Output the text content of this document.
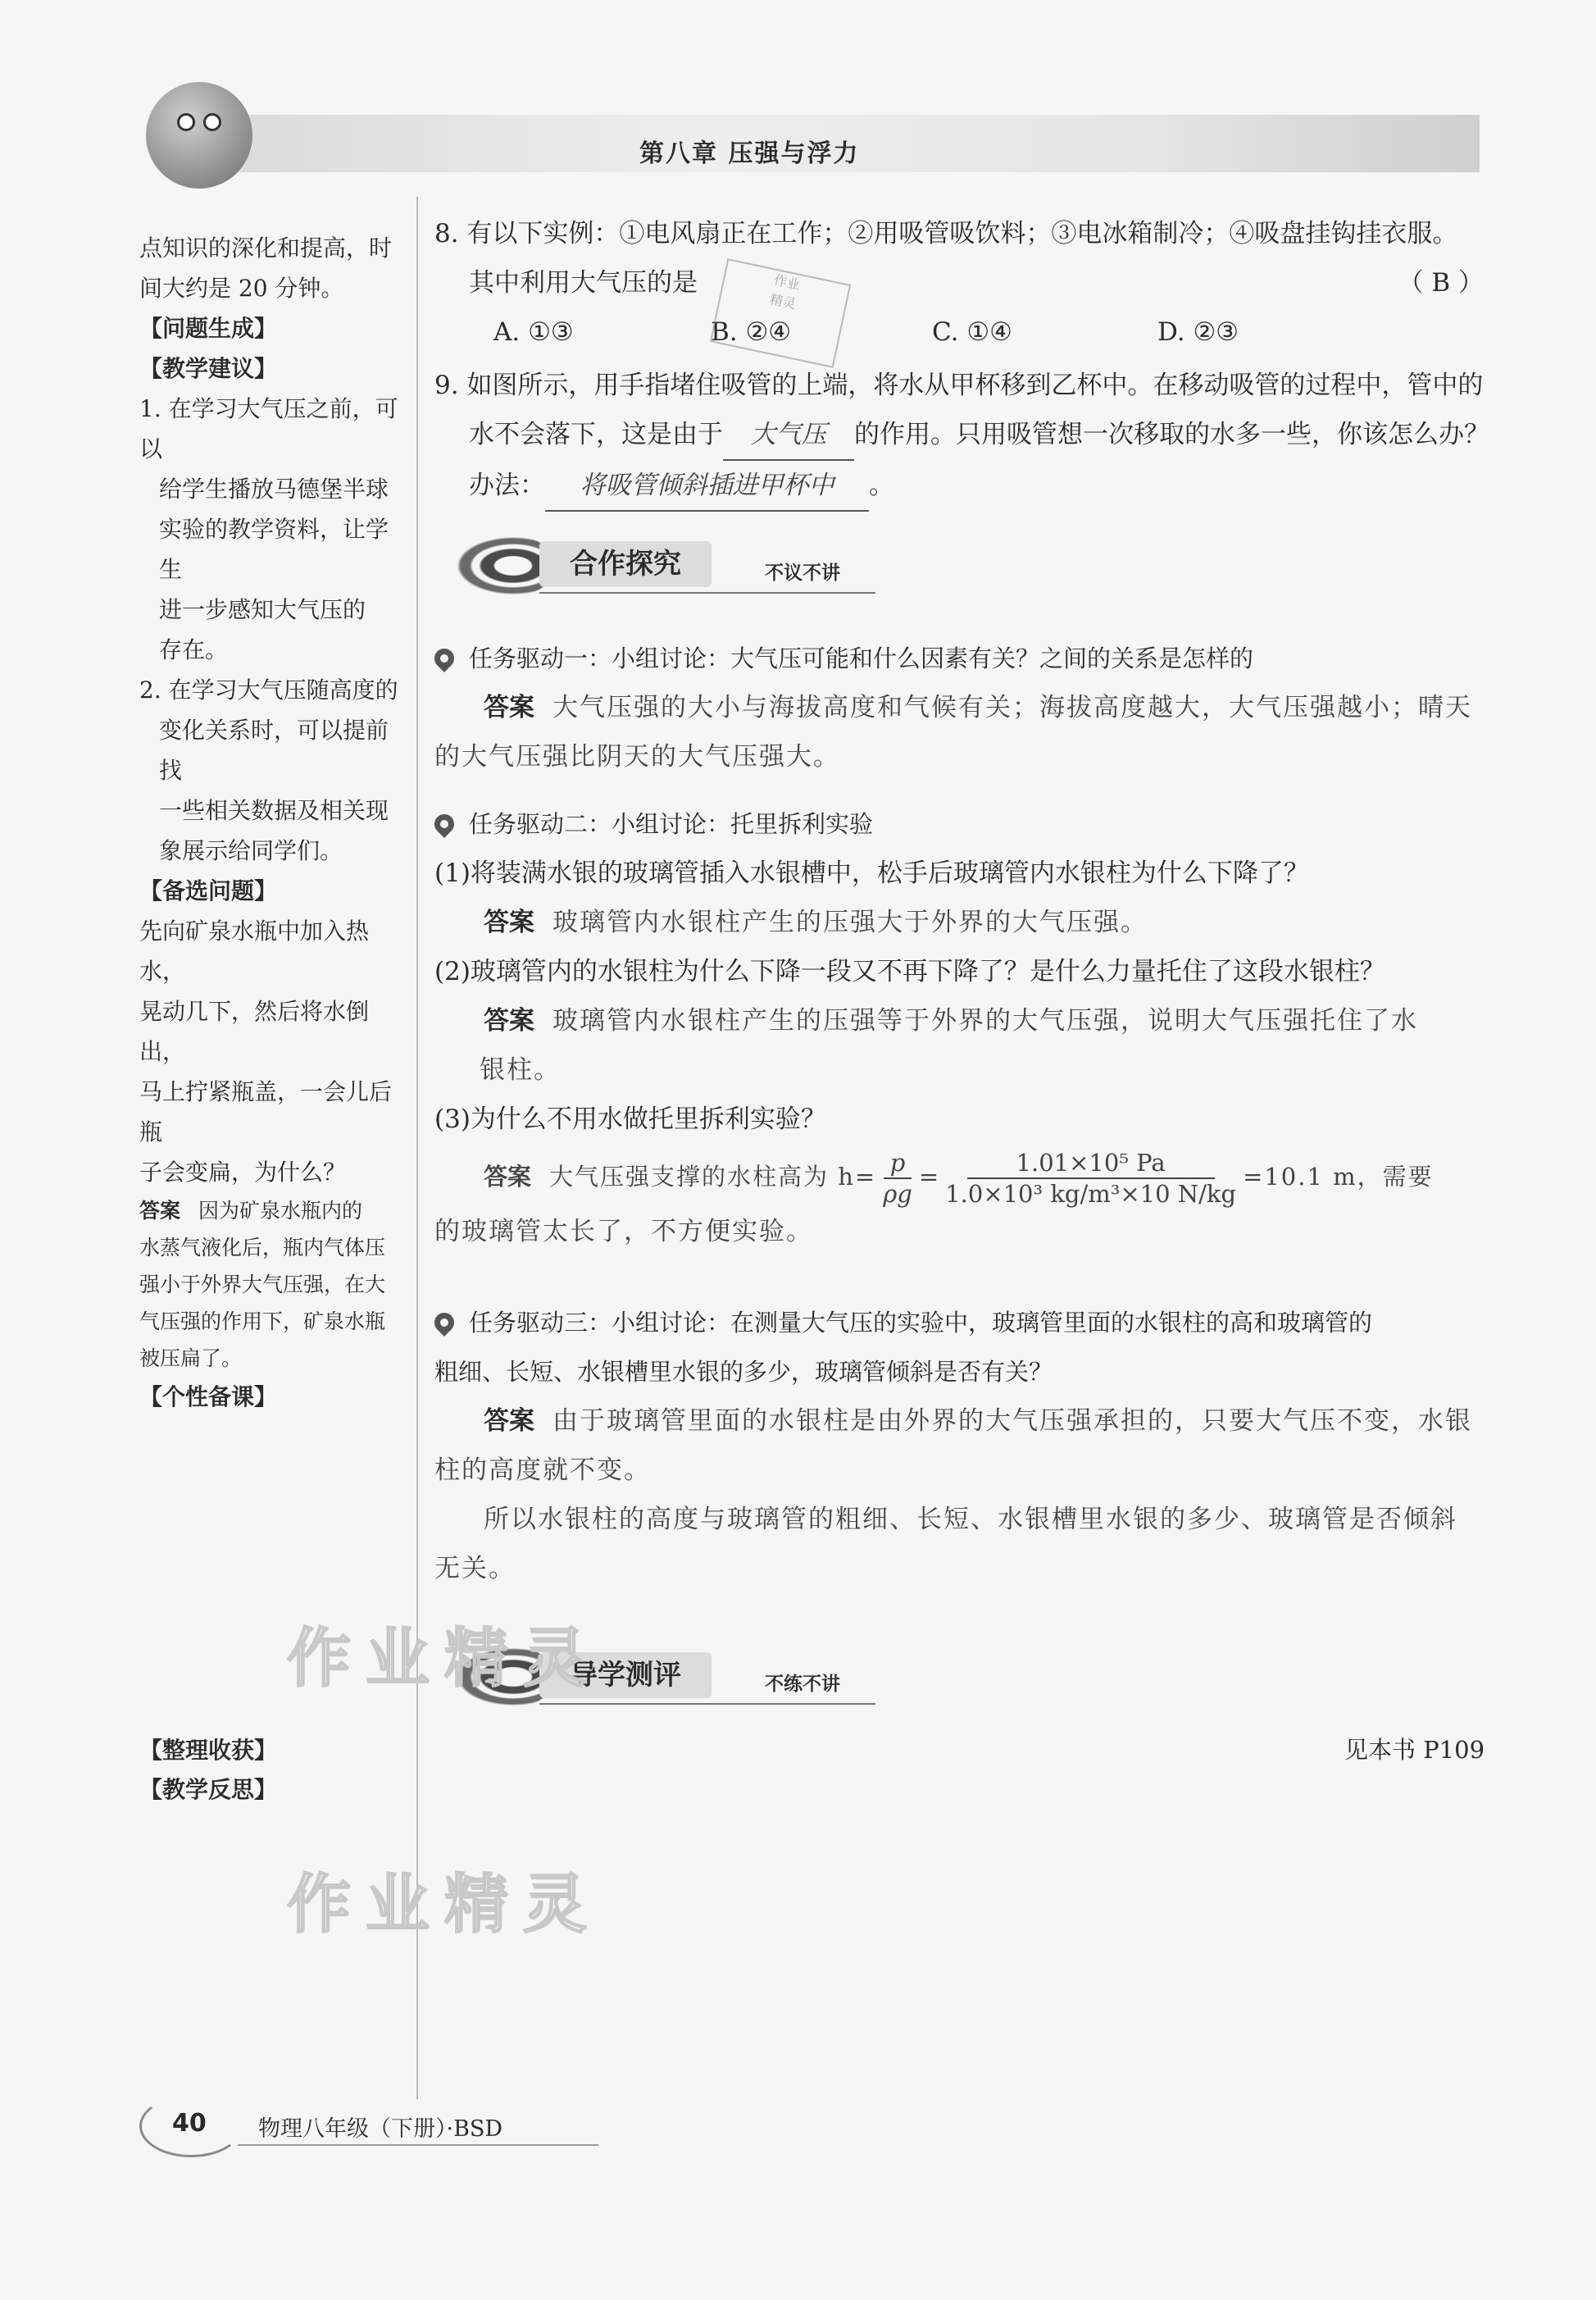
第八章 压强与浮力
点知识的深化和提高，时
间大约是 20 分钟。
【问题生成】
【教学建议】
1. 在学习大气压之前，可以
给学生播放马德堡半球
实验的教学资料，让学生
进一步感知大气压的
存在。
2. 在学习大气压随高度的
变化关系时，可以提前找
一些相关数据及相关现
象展示给同学们。
【备选问题】
先向矿泉水瓶中加入热水，
晃动几下，然后将水倒出，
马上拧紧瓶盖，一会儿后瓶
子会变扁，为什么？
答案 因为矿泉水瓶内的
水蒸气液化后，瓶内气体压
强小于外界大气压强，在大
气压强的作用下，矿泉水瓶
被压扁了。
【个性备课】
【整理收获】
【教学反思】
8. 有以下实例：①电风扇正在工作；②用吸管吸饮料；③电冰箱制冷；④吸盘挂钩挂衣服。
其中利用大气压的是	（ B ）
A. ①③	B. ②④	C. ①④	D. ②③
作业
精灵
9. 如图所示，用手指堵住吸管的上端，将水从甲杯移到乙杯中。在移动吸管的过程中，管中的
水不会落下，这是由于 大气压 的作用。只用吸管想一次移取的水多一些，你该怎么办？
办法： 将吸管倾斜插进甲杯中 。
合作探究	不议不讲
任务驱动一：小组讨论：大气压可能和什么因素有关？之间的关系是怎样的
答案 大气压强的大小与海拔高度和气候有关；海拔高度越大，大气压强越小；晴天
的大气压强比阴天的大气压强大。
任务驱动二：小组讨论：托里拆利实验
(1)将装满水银的玻璃管插入水银槽中，松手后玻璃管内水银柱为什么下降了？
答案 玻璃管内水银柱产生的压强大于外界的大气压强。
(2)玻璃管内的水银柱为什么下降一段又不再下降了？是什么力量托住了这段水银柱？
答案 玻璃管内水银柱产生的压强等于外界的大气压强，说明大气压强托住了水
银柱。
(3)为什么不用水做托里拆利实验？
答案 大气压强支撑的水柱高为 $h= \frac{p}{\rho g} = \frac{\text{1.01×10⁵ Pa}}{\text{1.0×10³ kg/m³×10 N/kg}} =10.1$ m，需要
的玻璃管太长了，不方便实验。
任务驱动三：小组讨论：在测量大气压的实验中，玻璃管里面的水银柱的高和玻璃管的
粗细、长短、水银槽里水银的多少，玻璃管倾斜是否有关？
答案 由于玻璃管里面的水银柱是由外界的大气压强承担的，只要大气压不变，水银
柱的高度就不变。
所以水银柱的高度与玻璃管的粗细、长短、水银槽里水银的多少、玻璃管是否倾斜
无关。
导学测评	不练不讲
见本书 P109
作业精灵
作业精灵
40 物理八年级（下册）·BSD
